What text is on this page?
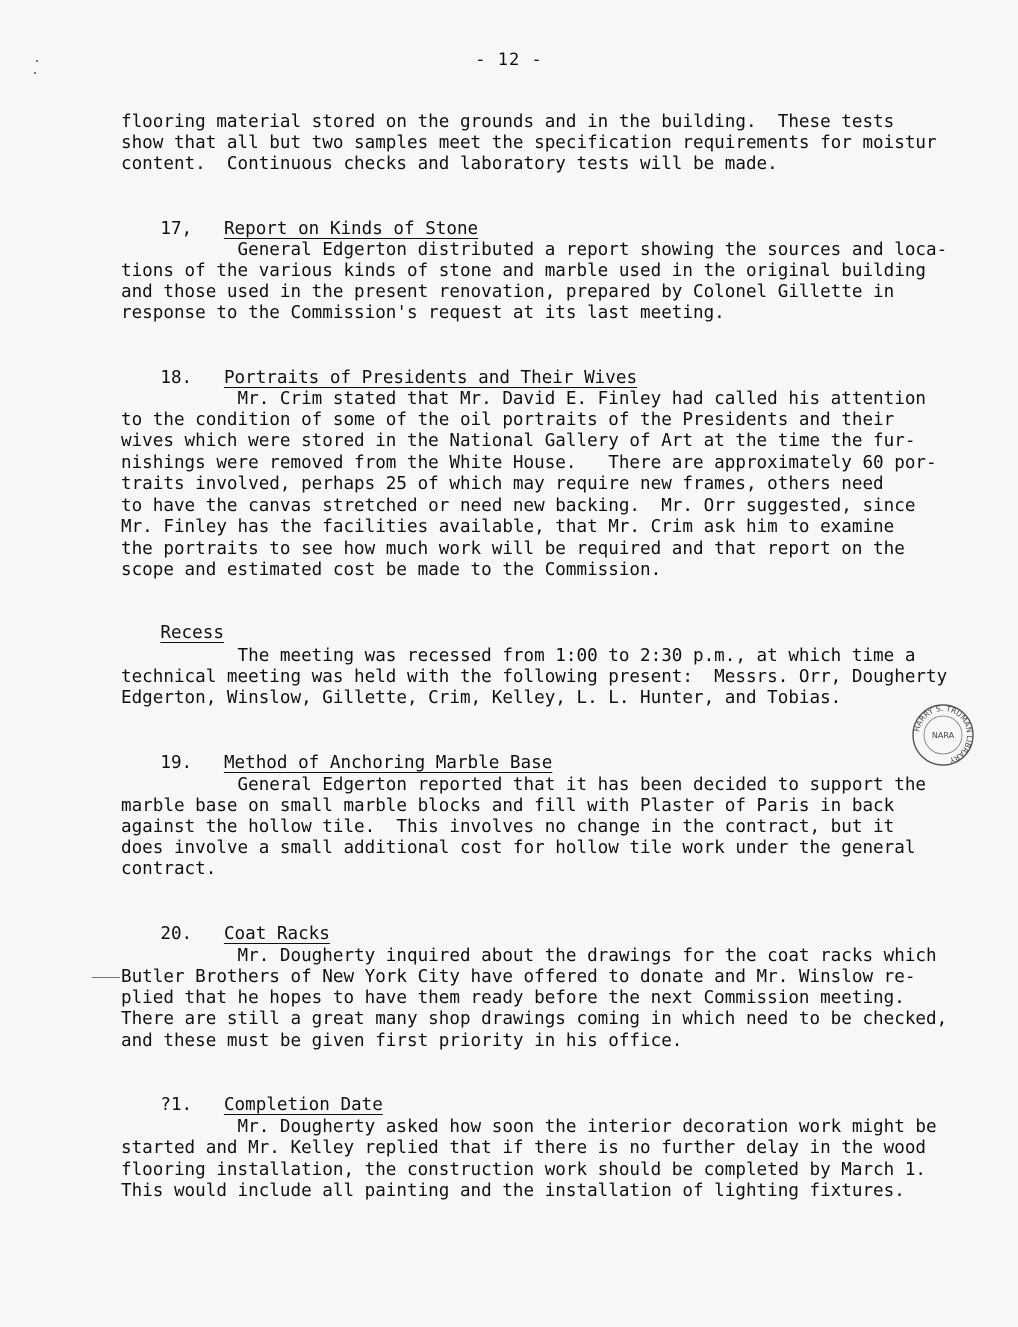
- 12 -
flooring material stored on the grounds and in the building.  These tests
show that all but two samples meet the specification requirements for moistur
content.  Continuous checks and laboratory tests will be made.

17, Report on Kinds of Stone

General Edgerton distributed a report showing the sources and loca-
tions of the various kinds of stone and marble used in the original building
and those used in the present renovation, prepared by Colonel Gillette in
response to the Commission's request at its last meeting.

18. Portraits of Presidents and Their Wives

Mr. Crim stated that Mr. David E. Finley had called his attention
to the condition of some of the oil portraits of the Presidents and their
wives which were stored in the National Gallery of Art at the time the fur-
nishings were removed from the White House.   There are approximately 60 por-
traits involved, perhaps 25 of which may require new frames, others need
to have the canvas stretched or need new backing.  Mr. Orr suggested, since
Mr. Finley has the facilities available, that Mr. Crim ask him to examine
the portraits to see how much work will be required and that report on the
scope and estimated cost be made to the Commission.

Recess

The meeting was recessed from 1:00 to 2:30 p.m., at which time a
technical meeting was held with the following present:  Messrs. Orr, Dougherty
Edgerton, Winslow, Gillette, Crim, Kelley, L. L. Hunter, and Tobias.

19. Method of Anchoring Marble Base

General Edgerton reported that it has been decided to support the
marble base on small marble blocks and fill with Plaster of Paris in back
against the hollow tile.  This involves no change in the contract, but it
does involve a small additional cost for hollow tile work under the general
contract.

20. Coat Racks

Mr. Dougherty inquired about the drawings for the coat racks which
Butler Brothers of New York City have offered to donate and Mr. Winslow re-
plied that he hopes to have them ready before the next Commission meeting.
There are still a great many shop drawings coming in which need to be checked,
and these must be given first priority in his office.

?1. Completion Date

Mr. Dougherty asked how soon the interior decoration work might be
started and Mr. Kelley replied that if there is no further delay in the wood
flooring installation, the construction work should be completed by March 1.
This would include all painting and the installation of lighting fixtures.
HARRY S. TRUMAN LIBRARY
NARA
